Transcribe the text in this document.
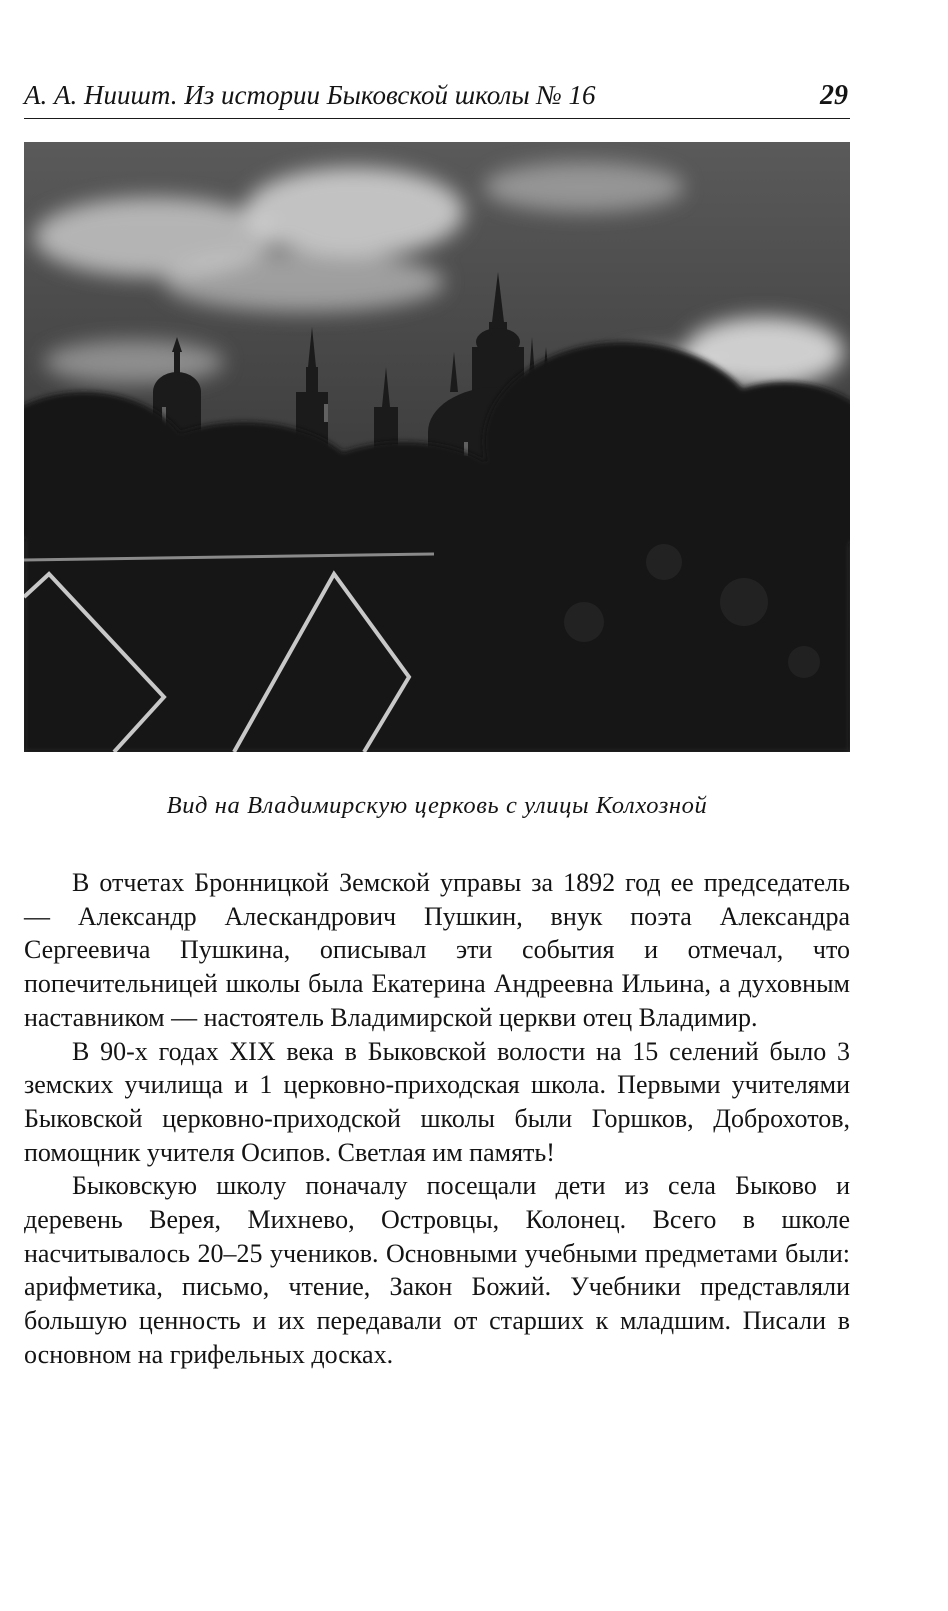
А. А. Ниишт. Из истории Быковской школы № 16	29
Вид на Владимирскую церковь с улицы Колхозной

В отчетах Бронницкой Земской управы за 1892 год ее председатель — Александр Алескандрович Пушкин, внук поэта Александра Сергеевича Пушкина, описывал эти события и отмечал, что попечительницей школы была Екатерина Андреевна Ильина, а духовным наставником — настоятель Владимирской церкви отец Владимир.

В 90-х годах XIX века в Быковской волости на 15 селений было 3 земских училища и 1 церковно-приходская школа. Первыми учителями Быковской церковно-приходской школы были Горшков, Доброхотов, помощник учителя Осипов. Светлая им память!

Быковскую школу поначалу посещали дети из села Быково и деревень Верея, Михнево, Островцы, Колонец. Всего в школе насчитывалось 20–25 учеников. Основными учебными предметами были: арифметика, письмо, чтение, Закон Божий. Учебники представляли большую ценность и их передавали от старших к младшим. Писали в основном на грифельных досках.
